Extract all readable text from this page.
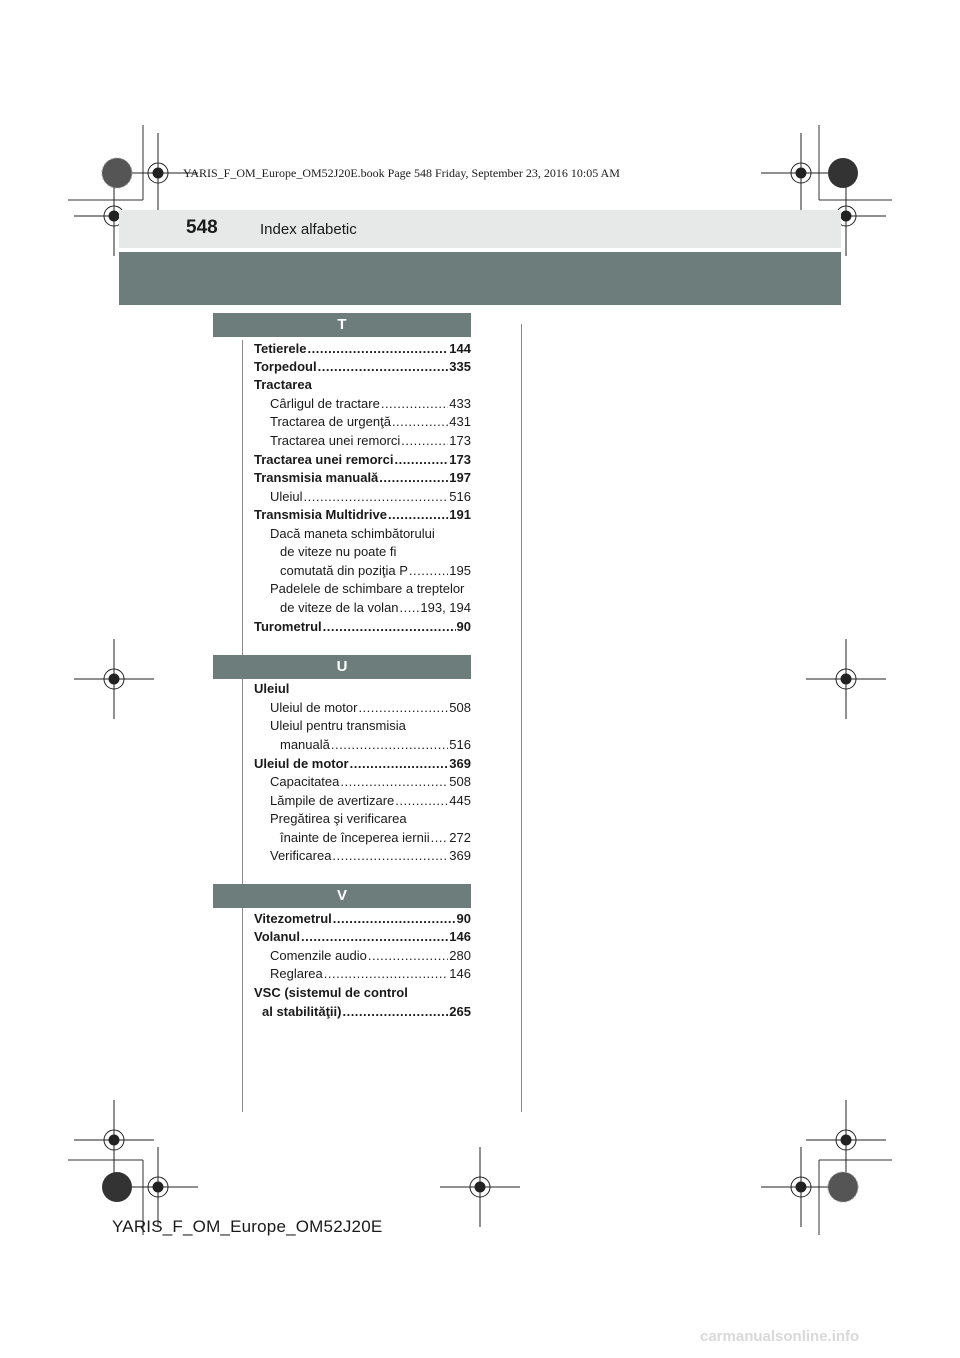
YARIS_F_OM_Europe_OM52J20E.book Page 548 Friday, September 23, 2016 10:05 AM
548	Index alfabetic
T
Tetierele .....	144
Torpedoul .....	335
Tractarea
Cârligul de tractare .....	433
Tractarea de urgenţă .....	431
Tractarea unei remorci .....	173
Tractarea unei remorci .....	173
Transmisia manuală .....	197
Uleiul .....	516
Transmisia Multidrive .....	191
Dacă maneta schimbătorului
de viteze nu poate fi
comutată din poziţia P .....	195
Padelele de schimbare a treptelor
de viteze de la volan ..... 193, 194
Turometrul .....	90
U
Uleiul
Uleiul de motor .....	508
Uleiul pentru transmisia
manuală .....	516
Uleiul de motor .....	369
Capacitatea .....	508
Lămpile de avertizare .....	445
Pregătirea şi verificarea
înainte de începerea iernii ..... 272
Verificarea .....	369
V
Vitezometrul .....	90
Volanul .....	146
Comenzile audio .....	280
Reglarea .....	146
VSC (sistemul de control
al stabilităţii) .....	265
YARIS_F_OM_Europe_OM52J20E
carmanualsonline.info
